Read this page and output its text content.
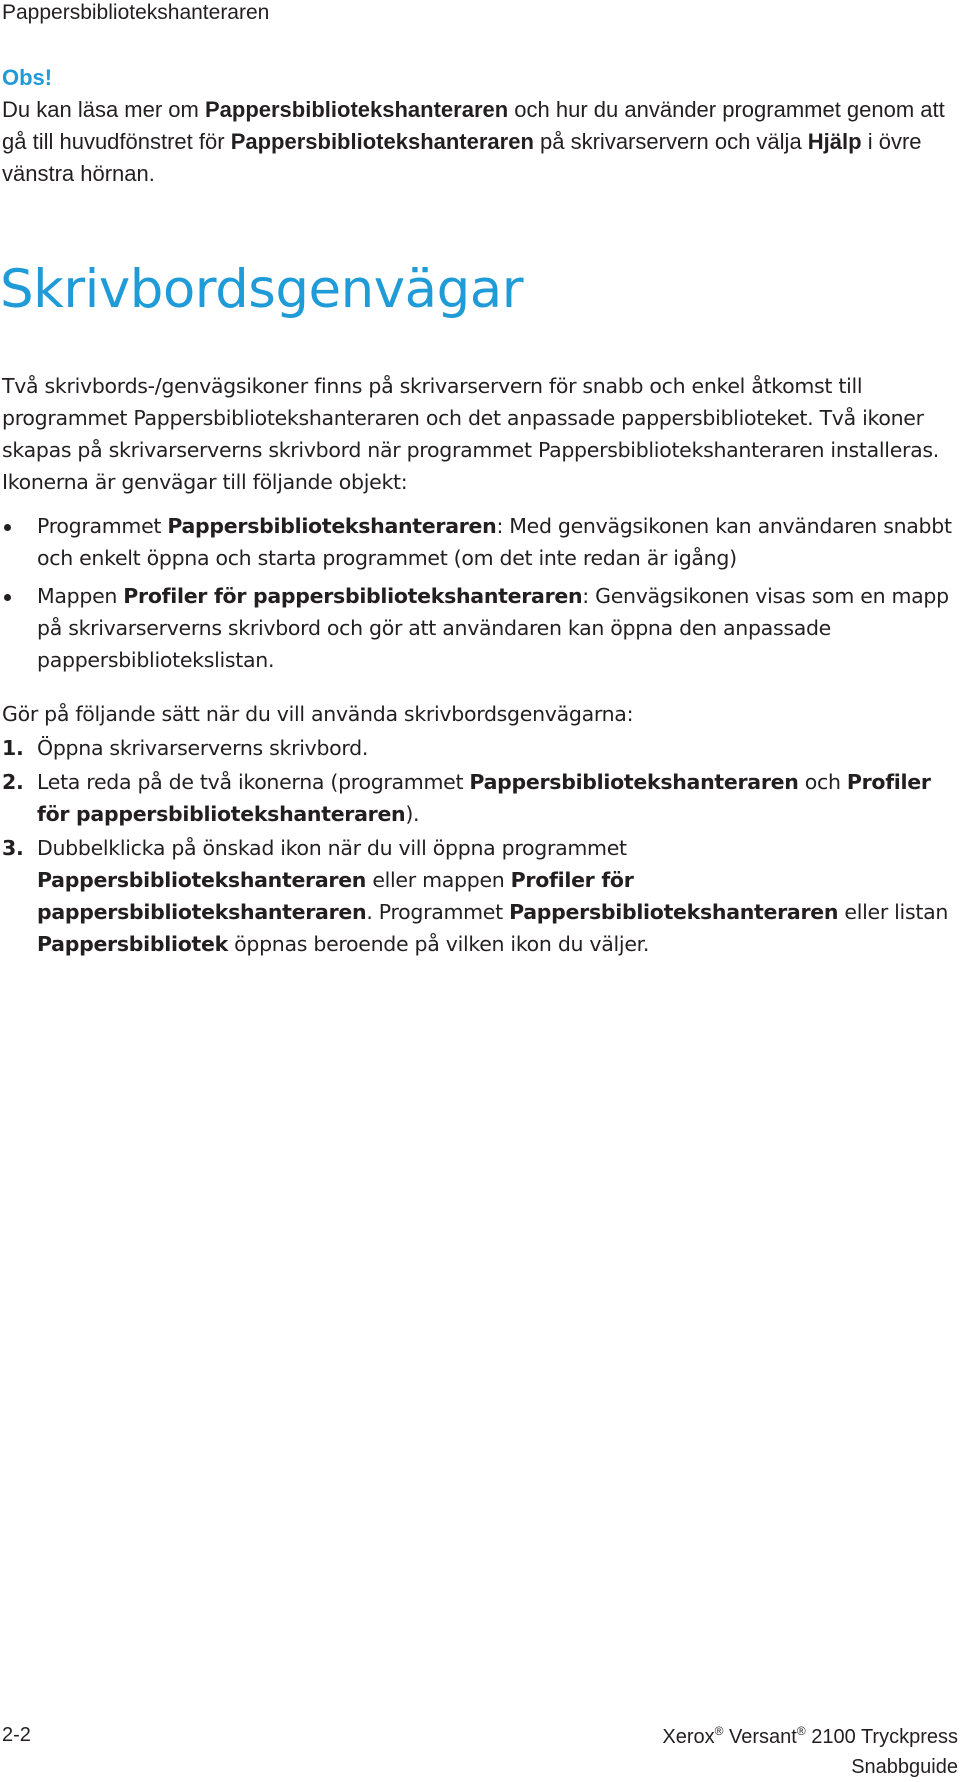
Pappersbibliotekshanteraren
Obs!
Du kan läsa mer om Pappersbibliotekshanteraren och hur du använder programmet genom att gå till huvudfönstret för Pappersbibliotekshanteraren på skrivarservern och välja Hjälp i övre vänstra hörnan.
Skrivbordsgenvägar

Två skrivbords-/genvägsikoner finns på skrivarservern för snabb och enkel åtkomst till programmet Pappersbibliotekshanteraren och det anpassade pappersbiblioteket. Två ikoner skapas på skrivarserverns skrivbord när programmet Pappersbibliotekshanteraren installeras. Ikonerna är genvägar till följande objekt:

Programmet Pappersbibliotekshanteraren: Med genvägsikonen kan användaren snabbt och enkelt öppna och starta programmet (om det inte redan är igång)
Mappen Profiler för pappersbibliotekshanteraren: Genvägsikonen visas som en mapp på skrivarserverns skrivbord och gör att användaren kan öppna den anpassade pappersbibliotekslistan.

Gör på följande sätt när du vill använda skrivbordsgenvägarna:

1. Öppna skrivarserverns skrivbord.
2. Leta reda på de två ikonerna (programmet Pappersbibliotekshanteraren och Profiler för pappersbibliotekshanteraren).
3. Dubbelklicka på önskad ikon när du vill öppna programmet Pappersbibliotekshanteraren eller mappen Profiler för pappersbibliotekshanteraren. Programmet Pappersbibliotekshanteraren eller listan Pappersbibliotek öppnas beroende på vilken ikon du väljer.
2-2	Xerox® Versant® 2100 Tryckpress
Snabbguide
